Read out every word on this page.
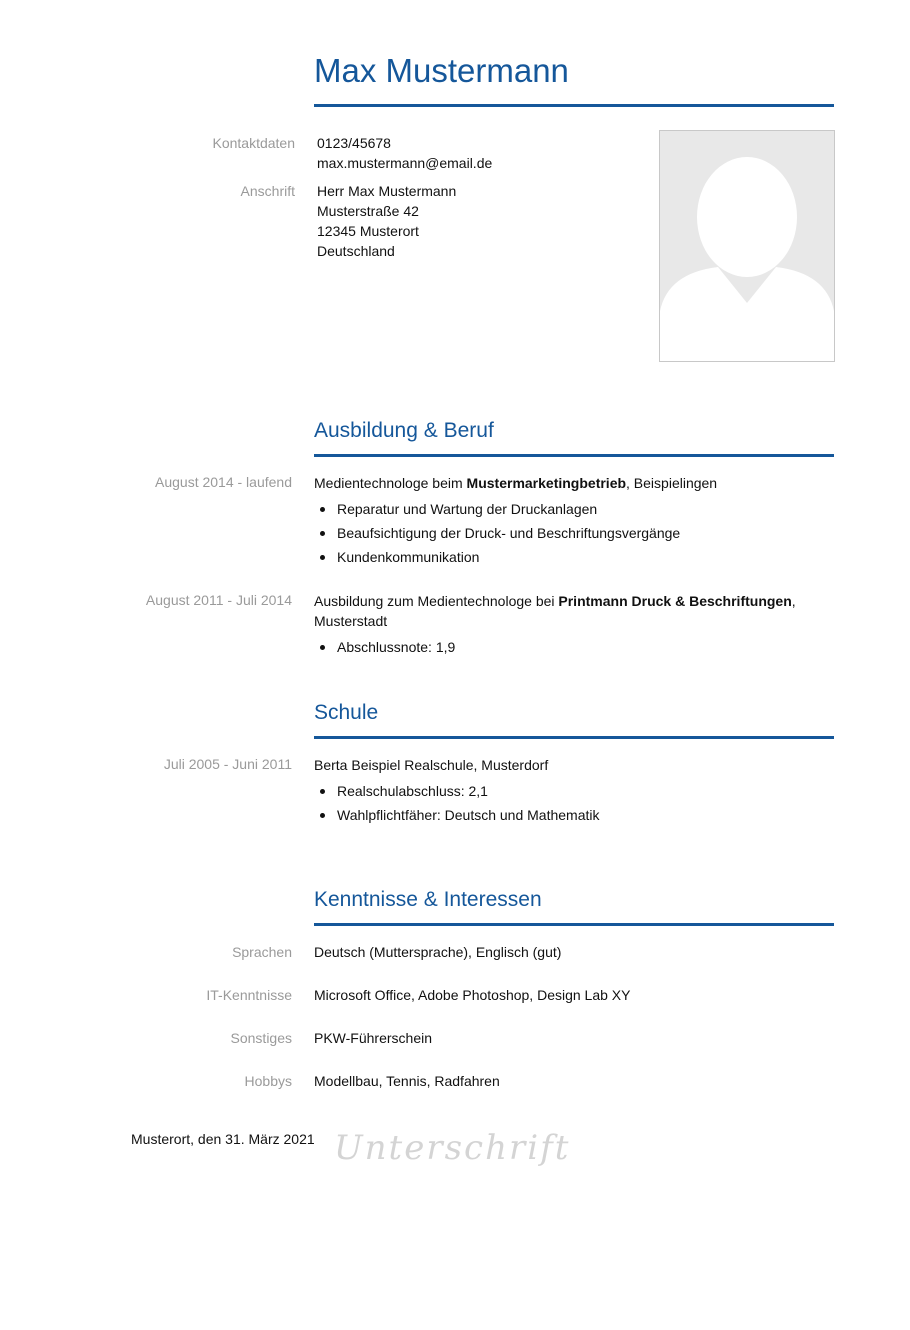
Max Mustermann
Kontaktdaten 0123/45678
max.mustermann@email.de
Anschrift Herr Max Mustermann
Musterstraße 42
12345 Musterort
Deutschland
Ausbildung & Beruf
August 2014 - laufend Medientechnologe beim Mustermarketingbetrieb, Beispielingen
Reparatur und Wartung der Druckanlagen
Beaufsichtigung der Druck- und Beschriftungsvergänge
Kundenkommunikation
August 2011 - Juli 2014 Ausbildung zum Medientechnologe bei Printmann Druck & Beschriftungen, Musterstadt
Abschlussnote: 1,9
Schule
Juli 2005 - Juni 2011 Berta Beispiel Realschule, Musterdorf
Realschulabschluss: 2,1
Wahlpflichtfäher: Deutsch und Mathematik
Kenntnisse & Interessen
Sprachen Deutsch (Muttersprache), Englisch (gut)
IT-Kenntnisse Microsoft Office, Adobe Photoshop, Design Lab XY
Sonstiges PKW-Führerschein
Hobbys Modellbau, Tennis, Radfahren
Musterort, den 31. März 2021 Unterschrift
